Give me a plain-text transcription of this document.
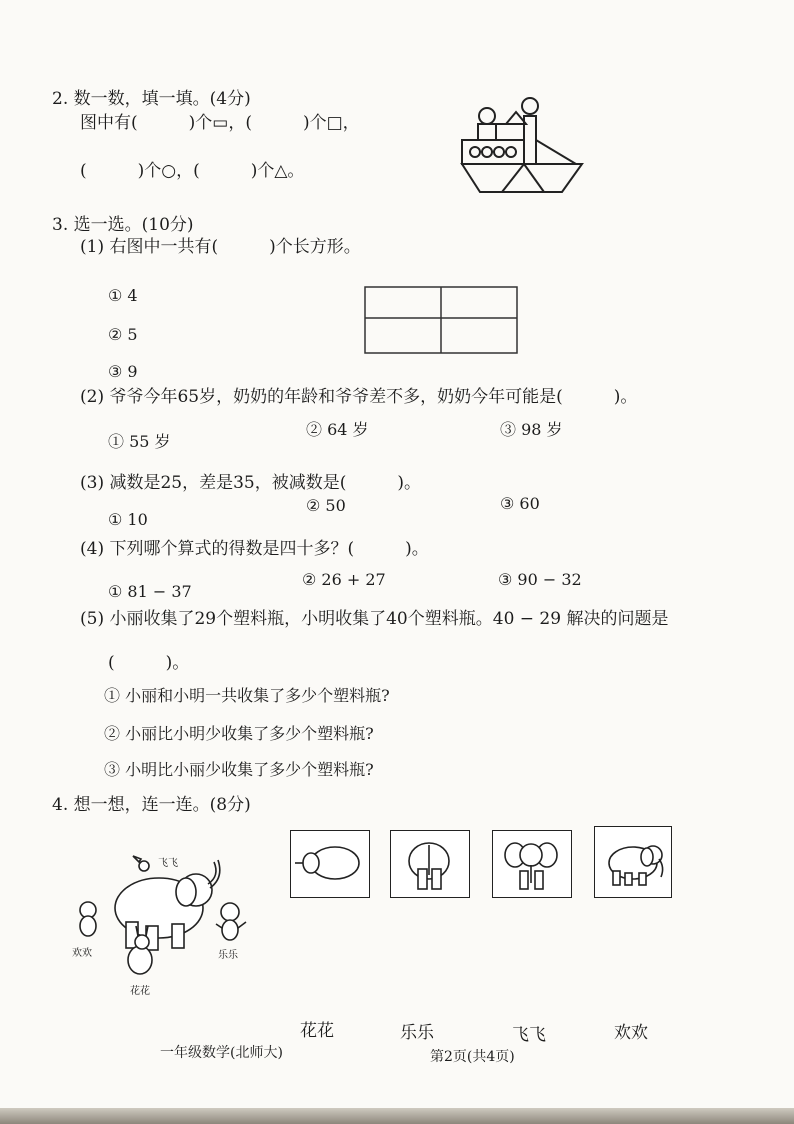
2. 数一数，填一填。(4分)
图中有(　　　)个▭，(　　　)个□，
(　　　)个○，(　　　)个△。
3. 选一选。(10分)
(1) 右图中一共有(　　　)个长方形。
① 4
② 5
③ 9
(2) 爷爷今年65岁，奶奶的年龄和爷爷差不多，奶奶今年可能是(　　　)。
① 55 岁
② 64 岁	③ 98 岁
(3) 减数是25，差是35，被减数是(　　　)。
① 10
② 50	③ 60
(4) 下列哪个算式的得数是四十多？(　　　)。
① 81 − 37
② 26 + 27	③ 90 − 32
(5) 小丽收集了29个塑料瓶，小明收集了40个塑料瓶。40 − 29 解决的问题是
(　　　)。
① 小丽和小明一共收集了多少个塑料瓶?
② 小丽比小明少收集了多少个塑料瓶?
③ 小明比小丽少收集了多少个塑料瓶?
4. 想一想，连一连。(8分)
飞飞
欢欢	乐乐
花花
花花	乐乐	飞飞	欢欢
一年级数学(北师大)	第2页(共4页)
